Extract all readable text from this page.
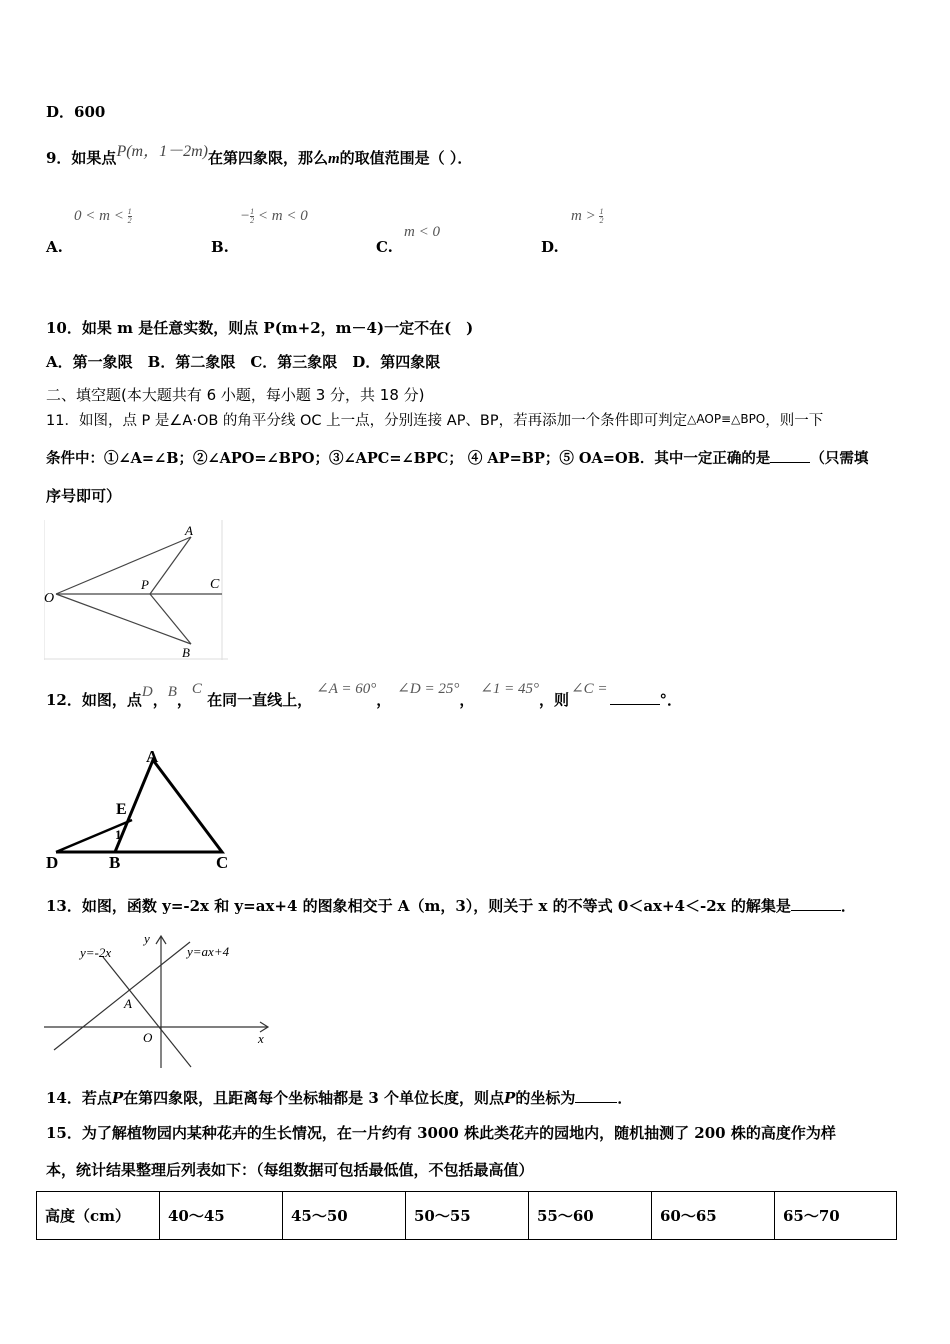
D．600
9．如果点P(m，1－2m)在第四象限，那么m的取值范围是（ ）．
A.
$0 < m < \frac{1}{2}$
B.
− $\frac{1}{2} < m < 0$
C.
m < 0
D.
$m > \frac{1}{2}$
10．如果 m 是任意实数，则点 P(m+2，m－4)一定不在(　)
A．第一象限　B．第二象限　C．第三象限　D．第四象限
二、填空题(本大题共有 6 小题，每小题 3 分，共 18 分)
11．如图，点 P 是∠A·OB 的角平分线 OC 上一点，分别连接 AP、BP，若再添加一个条件即可判定△AOP≡△BPO，则一下
条件中：①∠A=∠B；②∠APO=∠BPO；③∠APC=∠BPC； ④ AP=BP；⑤ OA=OB．其中一定正确的是	（只需填
序号即可）
O
A
B
P	C
12．如图，点D，B，C 在同一直线上，∠A = 60°，∠D = 25°，∠1 = 45°，则∠C =°．
A
E
D	B	C
1
13．如图，函数 y=-2x 和 y=ax+4 的图象相交于 A（m，3），则关于 x 的不等式 0＜ax+4＜-2x 的解集是	．
y=-2x	y=ax+4
y
x
O
A
14．若点P在第四象限，且距离每个坐标轴都是 3 个单位长度，则点P的坐标为	．
15．为了解植物园内某种花卉的生长情况，在一片约有 3000 株此类花卉的园地内，随机抽测了 200 株的高度作为样
本，统计结果整理后列表如下：（每组数据可包括最低值，不包括最高值）
高度（cm）	40～45	45～50	50～55	55～60	60～65	65～70
